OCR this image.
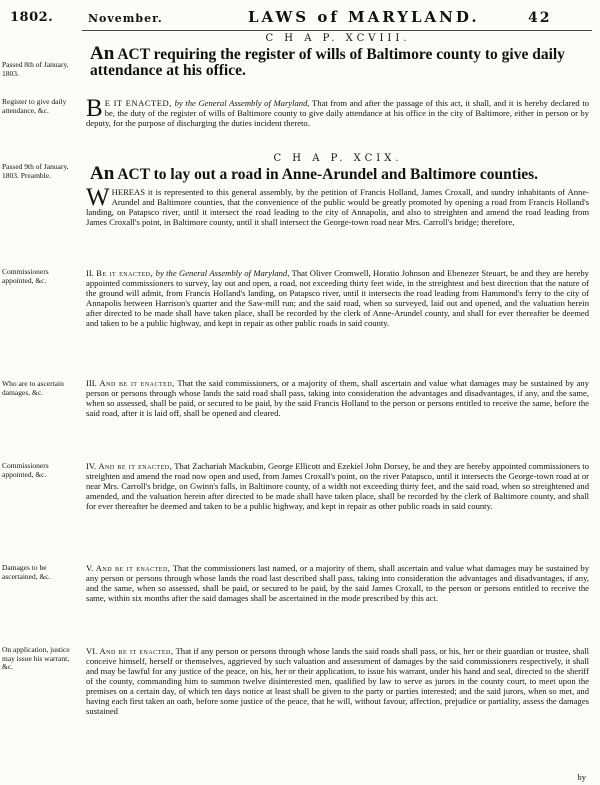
1802.	November.	LAWS of MARYLAND.	42
C H A P. XCVIII.
Passed 8th of January, 1803.
An ACT requiring the register of wills of Baltimore county to give daily attendance at his office.
Register to give daily attendance, &c.	B E IT ENACTED, by the General Assembly of Maryland, That from and after the passage of this act, it shall, and it is hereby declared to be, the duty of the register of wills of Baltimore county to give daily attendance at his office in the city of Baltimore, either in person or by deputy, for the purpose of discharging the duties incident thereto.
C H A P. XCIX.
Passed 9th of January, 1803. Preamble.	An ACT to lay out a road in Anne-Arundel and Baltimore counties.
W HEREAS it is represented to this general assembly, by the petition of Francis Holland, James Croxall, and sundry inhabitants of Anne-Arundel and Baltimore counties, that the convenience of the public would be greatly promoted by opening a road from Francis Holland's landing, on Patapsco river, until it intersect the road leading to the city of Annapolis, and also to streighten and amend the road leading from James Croxall's point, in Baltimore county, until it shall intersect the George-town road near Mrs. Carroll's bridge; therefore,
Commissioners appointed, &c.
II. Be it enacted, by the General Assembly of Maryland, That Oliver Cromwell, Horatio Johnson and Ebenezer Steuart, be and they are hereby appointed commissioners to survey, lay out and open, a road, not exceeding thirty feet wide, in the streightest and best direction that the nature of the ground will admit, from Francis Holland's landing, on Patapsco river, until it intersects the road leading from Hammond's ferry to the city of Annapolis between Harrison's quarter and the Saw-mill run; and the said road, when so surveyed, laid out and opened, and the valuation herein after directed to be made shall have taken place, shall be recorded by the clerk of Anne-Arundel county, and shall for ever thereafter be deemed and taken to be a public highway, and kept in repair as other public roads in said county.
Who are to ascertain damages, &c.
III. And be it enacted, That the said commissioners, or a majority of them, shall ascertain and value what damages may be sustained by any person or persons through whose lands the said road shall pass, taking into consideration the advantages and disadvantages, if any, and the same, when so assessed, shall be paid, or secured to be paid, by the said Francis Holland to the person or persons entitled to receive the same, before the said road, after it is laid off, shall be opened and cleared.
Commissioners appointed, &c.
IV. And be it enacted, That Zachariah Mackubin, George Ellicott and Ezekiel John Dorsey, be and they are hereby appointed commissioners to streighten and amend the road now open and used, from James Croxall's point, on the river Patapsco, until it intersects the George-town road at or near Mrs. Carroll's bridge, on Gwinn's falls, in Baltimore county, of a width not exceeding thirty feet, and the said road, when so streightened and amended, and the valuation herein after directed to be made shall have taken place, shall be recorded by the clerk of Baltimore county, and shall for ever thereafter be deemed and taken to be a public highway, and kept in repair as other public roads in said county.
Damages to be ascertained, &c.
V. And be it enacted, That the commissioners last named, or a majority of them, shall ascertain and value what damages may be sustained by any person or persons through whose lands the road last described shall pass, taking into consideration the advantages and disadvantages, if any, and the same, when so assessed, shall be paid, or secured to be paid, by the said James Croxall, to the person or persons entitled to receive the same, within six months after the said damages shall be ascertained in the mode prescribed by this act.
On application, justice may issue his warrant, &c.
VI. And be it enacted, That if any person or persons through whose lands the said roads shall pass, or his, her or their guardian or trustee, shall conceive himself, herself or themselves, aggrieved by such valuation and assessment of damages by the said commissioners respectively, it shall and may be lawful for any justice of the peace, on his, her or their application, to issue his warrant, under his hand and seal, directed to the sheriff of the county, commanding him to summon twelve disinterested men, qualified by law to serve as jurors in the county court, to meet upon the premises on a certain day, of which ten days notice at least shall be given to the party or parties interested; and the said jurors, when so met, and having each first taken an oath, before some justice of the peace, that he will, without favour, affection, prejudice or partiality, assess the damages sustained
by
